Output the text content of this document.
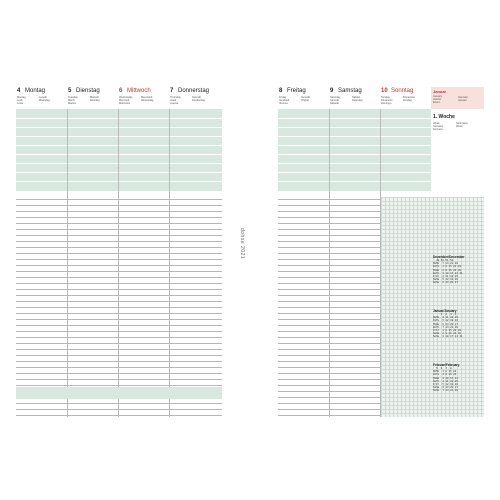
4 Montag
Montag
lundi
lunes
Lunedì
Maandag
5 Dienstag
Tuesday
Mardi
Martes
Martedì
Dinsdag
6 Mittwoch
Wednesday
Mercredi
Miércoles
Mercoledì
Woensdag
7 Donnerstag
Thursday
Jeudi
Jueves
Giovedì
Donderdag
8 Freitag
Friday
Vendredi
Viernes
Venerdì
Vrijdag
9 Samstag
Saturday
Samedi
Sábado
Sabato
Zaterdag
10 Sonntag
Sunday
Dimanche
Domingo
Domenica
Zondag
Januar
January
Janvier
Enero
Gennaio
Januari
1. Woche
Week
Semaine
Semana
Settimana
Week
Dezember/December
49 50 51 52
MoMo  7 14 21 28
DiTu  1 8 15 22 29
MiWe  2 9 16 23 30
DoTh  3 10 17 24 31
FrFr  4 11 18 25
SaSa  5 12 19 26
SoSu  6 13 20 27
Januar/January
1  2  3  4
MoMo  4 11 18 25
DiTu  5 12 19 26
MiWe  6 13 20 27
DoTh  7 14 21 28
FrFr  1 8 15 22 29
SaSa  2 9 16 23 30
SoSu  3 10 17 24 31
Februar/February
5  6  7  8
MoMo  1 8 15 22
DiTu  2 9 16 23
MiWe  3 10 17 24
DoTh  4 11 18 25
FrFr  5 12 19 26
SaSa  6 13 20 27
SoSu  7 14 21 28
dohse 2021
